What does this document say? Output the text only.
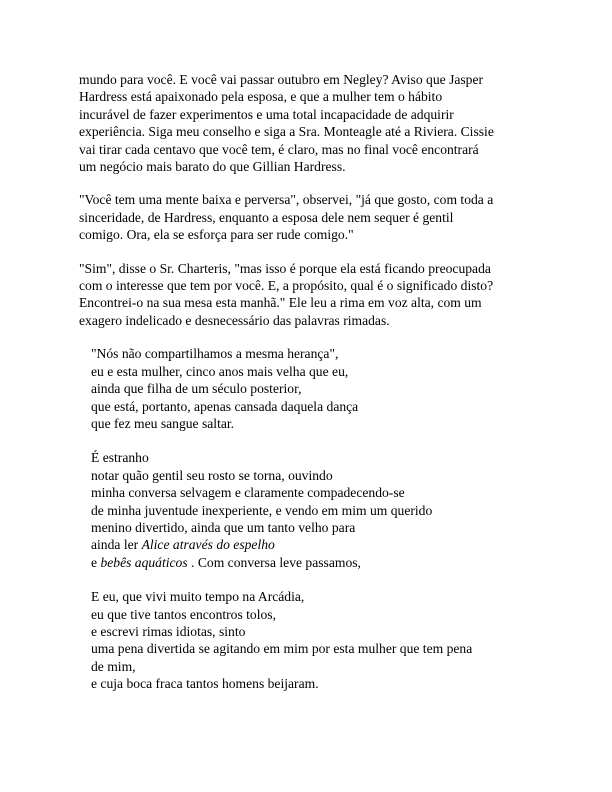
mundo para você. E você vai passar outubro em Negley? Aviso que Jasper
Hardress está apaixonado pela esposa, e que a mulher tem o hábito
incurável de fazer experimentos e uma total incapacidade de adquirir
experiência. Siga meu conselho e siga a Sra. Monteagle até a Riviera. Cissie
vai tirar cada centavo que você tem, é claro, mas no final você encontrará
um negócio mais barato do que Gillian Hardress.

"Você tem uma mente baixa e perversa", observei, "já que gosto, com toda a
sinceridade, de Hardress, enquanto a esposa dele nem sequer é gentil
comigo. Ora, ela se esforça para ser rude comigo."

"Sim", disse o Sr. Charteris, "mas isso é porque ela está ficando preocupada
com o interesse que tem por você. E, a propósito, qual é o significado disto?
Encontrei-o na sua mesa esta manhã." Ele leu a rima em voz alta, com um
exagero indelicado e desnecessário das palavras rimadas.

"Nós não compartilhamos a mesma herança",
eu e esta mulher, cinco anos mais velha que eu,
ainda que filha de um século posterior,
que está, portanto, apenas cansada daquela dança
que fez meu sangue saltar.
É estranho
notar quão gentil seu rosto se torna, ouvindo
minha conversa selvagem e claramente compadecendo-se
de minha juventude inexperiente, e vendo em mim um querido
menino divertido, ainda que um tanto velho para
ainda ler Alice através do espelho
e bebês aquáticos . Com conversa leve passamos,
E eu, que vivi muito tempo na Arcádia,
eu que tive tantos encontros tolos,
e escrevi rimas idiotas, sinto
uma pena divertida se agitando em mim por esta mulher que tem pena
de mim,
e cuja boca fraca tantos homens beijaram.
